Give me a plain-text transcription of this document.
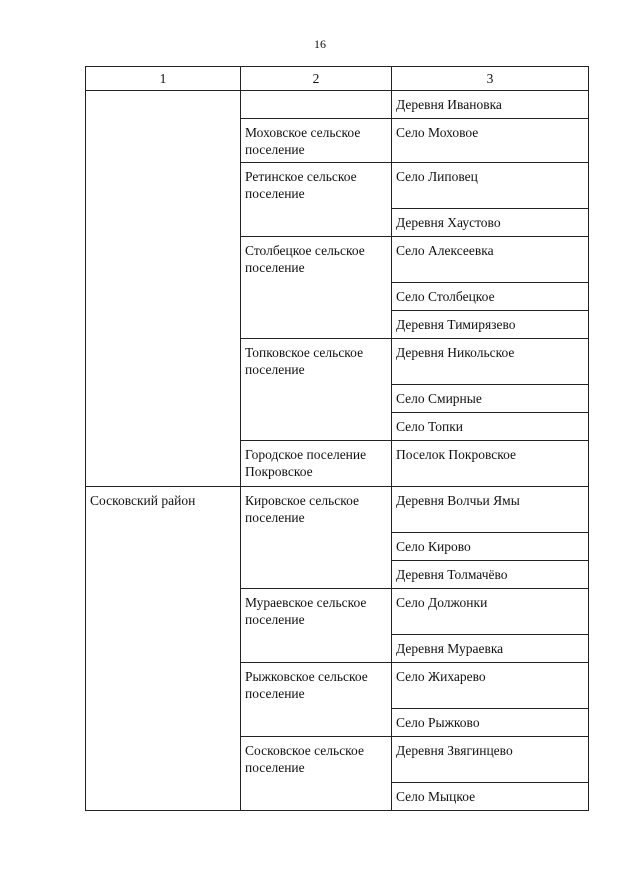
16
1	2	3
		Деревня Ивановка
	Моховское сельское поселение	Село Моховое
	Ретинское сельское поселение	Село Липовец
		Деревня Хаустово
	Столбецкое сельское поселение	Село Алексеевка
		Село Столбецкое
		Деревня Тимирязево
	Топковское сельское поселение	Деревня Никольское
		Село Смирные
		Село Топки
	Городское поселение Покровское	Поселок Покровское
Сосковский район	Кировское сельское поселение	Деревня Волчьи Ямы
		Село Кирово
		Деревня Толмачёво
	Мураевское сельское поселение	Село Должонки
		Деревня Мураевка
	Рыжковское сельское поселение	Село Жихарево
		Село Рыжково
	Сосковское сельское поселение	Деревня Звягинцево
		Село Мыцкое
